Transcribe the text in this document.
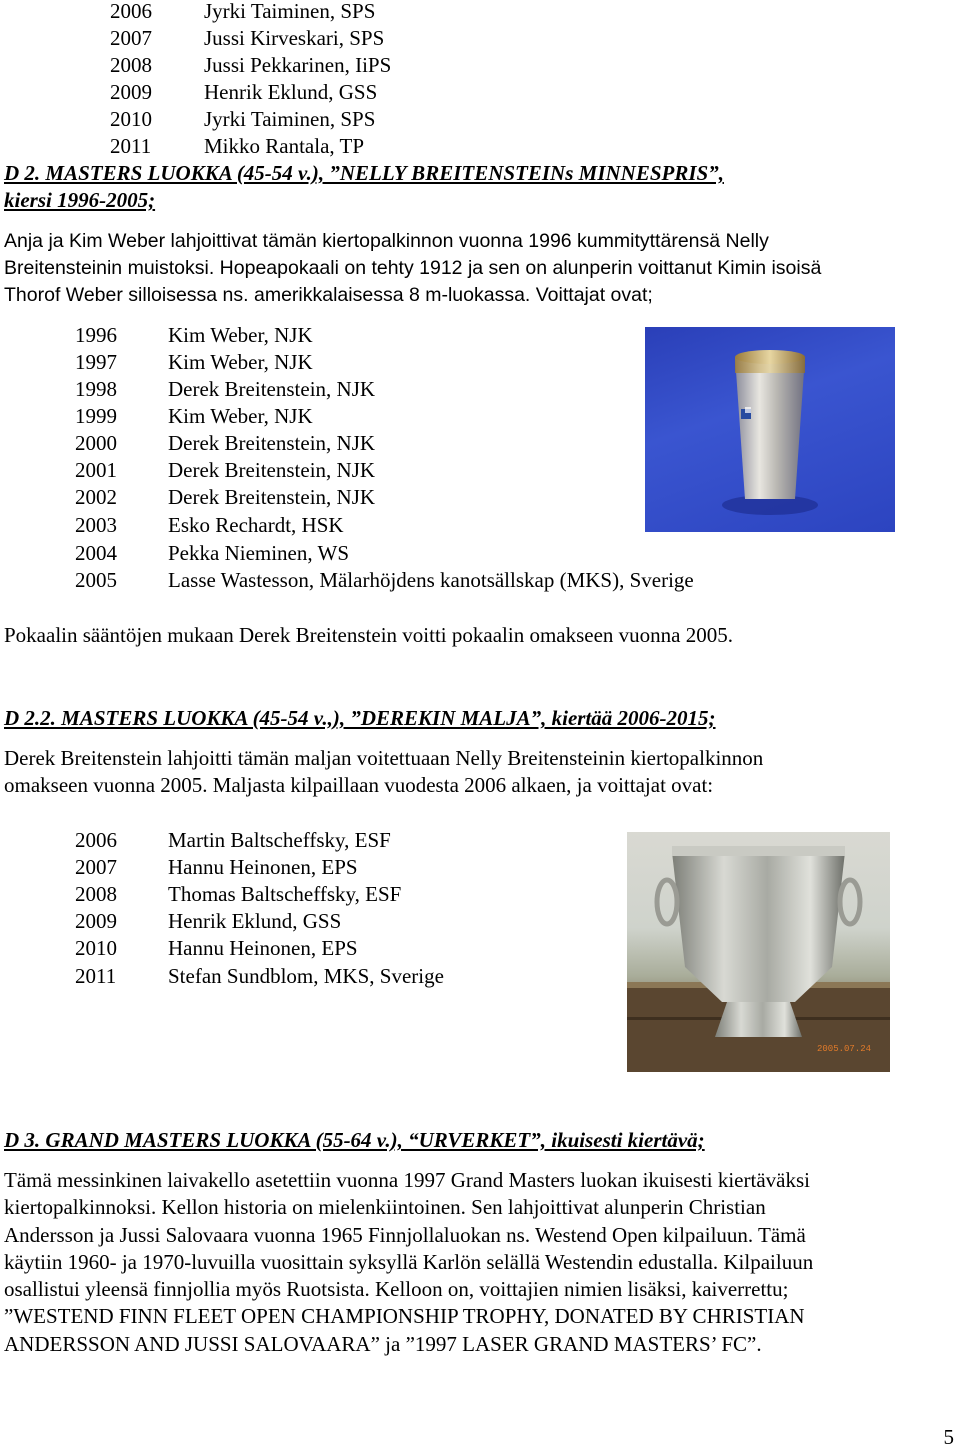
2006 Jyrki Taiminen, SPS
2007 Jussi Kirveskari, SPS
2008 Jussi Pekkarinen, IiPS
2009 Henrik Eklund, GSS
2010 Jyrki Taiminen, SPS
2011	Mikko Rantala, TP
D 2. MASTERS LUOKKA (45-54 v.), ”NELLY BREITENSTEINs MINNESPRIS”,
kiersi 1996-2005;
Anja ja Kim Weber lahjoittivat tämän kiertopalkinnon vuonna 1996 kummityttärensä Nelly
Breitensteinin muistoksi. Hopeapokaali on tehty 1912 ja sen on alunperin voittanut Kimin isoisä
Thorof Weber silloisessa ns. amerikkalaisessa 8 m-luokassa. Voittajat ovat;
1996 Kim Weber, NJK
1997 Kim Weber, NJK
1998 Derek Breitenstein, NJK
1999 Kim Weber, NJK
2000 Derek Breitenstein, NJK
2001 Derek Breitenstein, NJK
2002 Derek Breitenstein, NJK
2003 Esko Rechardt, HSK
2004 Pekka Nieminen, WS
2005 Lasse Wastesson, Mälarhöjdens kanotsällskap (MKS), Sverige
Pokaalin sääntöjen mukaan Derek Breitenstein voitti pokaalin omakseen vuonna 2005.
D 2.2. MASTERS LUOKKA (45-54 v.,), ”DEREKIN MALJA”, kiertää 2006-2015;
Derek Breitenstein lahjoitti tämän maljan voitettuaan Nelly Breitensteinin kiertopalkinnon
omakseen vuonna 2005. Maljasta kilpaillaan vuodesta 2006 alkaen, ja voittajat ovat:
2006 Martin Baltscheffsky, ESF
2007 Hannu Heinonen, EPS
2008 Thomas Baltscheffsky, ESF
2009 Henrik Eklund, GSS
2010 Hannu Heinonen, EPS
2011 Stefan Sundblom, MKS, Sverige
2005.07.24
D 3. GRAND MASTERS LUOKKA (55-64 v.), “URVERKET”, ikuisesti kiertävä;
Tämä messinkinen laivakello asetettiin vuonna 1997 Grand Masters luokan ikuisesti kiertäväksi
kiertopalkinnoksi. Kellon historia on mielenkiintoinen. Sen lahjoittivat alunperin Christian
Andersson ja Jussi Salovaara vuonna 1965 Finnjollaluokan ns. Westend Open kilpailuun. Tämä
käytiin 1960- ja 1970-luvuilla vuosittain syksyllä Karlön selällä Westendin edustalla. Kilpailuun
osallistui yleensä finnjollia myös Ruotsista. Kelloon on, voittajien nimien lisäksi, kaiverrettu;
”WESTEND FINN FLEET OPEN CHAMPIONSHIP TROPHY, DONATED BY CHRISTIAN
ANDERSSON AND JUSSI SALOVAARA” ja ”1997 LASER GRAND MASTERS’ FC”.
5
